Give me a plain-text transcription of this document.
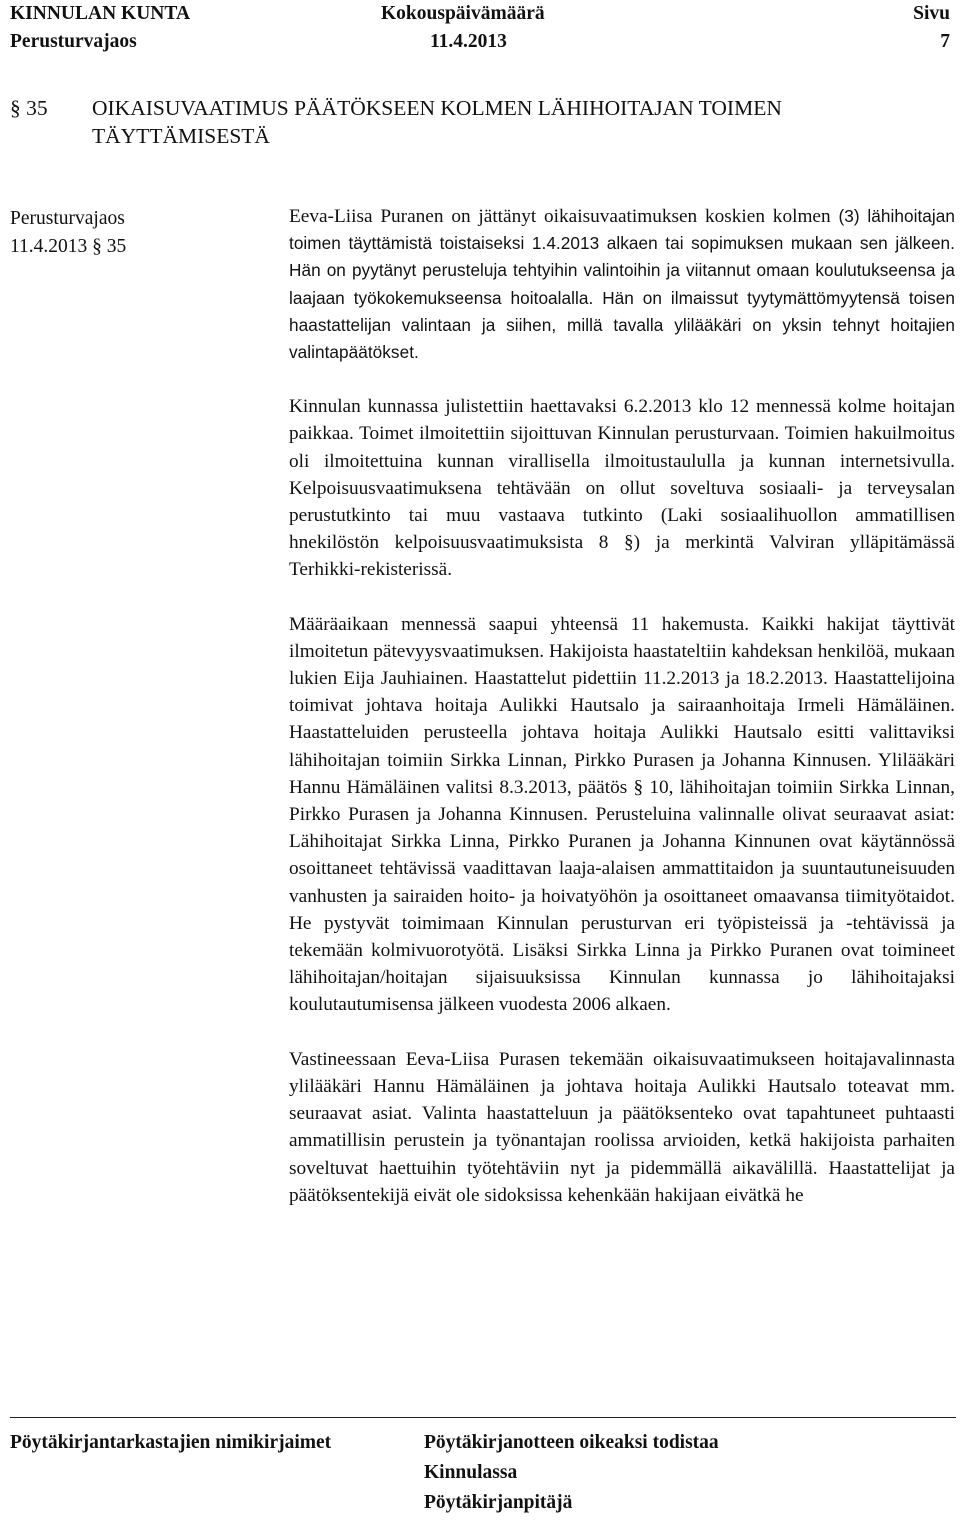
KINNULAN KUNTA
Perusturvajaos
Kokouspäivämäärä
11.4.2013
Sivu
7
§ 35 OIKAISUVAATIMUS PÄÄTÖKSEEN KOLMEN LÄHIHOITAJAN TOIMEN TÄYTTÄMISESTÄ
Perusturvajaos
11.4.2013 § 35

Eeva-Liisa Puranen on jättänyt oikaisuvaatimuksen koskien kolmen (3) lähihoitajan toimen täyttämistä toistaiseksi 1.4.2013 alkaen tai sopimuksen mukaan sen jälkeen. Hän on pyytänyt perusteluja tehtyihin valintoihin ja viitannut omaan koulutukseensa ja laajaan työkokemukseensa hoitoalalla. Hän on ilmaissut tyytymättömyytensä toisen haastattelijan valintaan ja siihen, millä tavalla ylilääkäri on yksin tehnyt hoitajien valintapäätökset.

Kinnulan kunnassa julistettiin haettavaksi 6.2.2013 klo 12 mennessä kolme hoitajan paikkaa. Toimet ilmoitettiin sijoittuvan Kinnulan perusturvaan. Toimien hakuilmoitus oli ilmoitettuina kunnan virallisella ilmoitustaululla ja kunnan internetsivulla. Kelpoisuusvaatimuksena tehtävään on ollut soveltuva sosiaali- ja terveysalan perustutkinto tai muu vastaava tutkinto (Laki sosiaalihuollon ammatillisen hnekilöstön kelpoisuusvaatimuksista 8 §) ja merkintä Valviran ylläpitämässä Terhikki-rekisterissä.

Määräaikaan mennessä saapui yhteensä 11 hakemusta. Kaikki hakijat täyttivät ilmoitetun pätevyysvaatimuksen. Hakijoista haastateltiin kahdeksan henkilöä, mukaan lukien Eija Jauhiainen. Haastattelut pidettiin 11.2.2013 ja 18.2.2013. Haastattelijoina toimivat johtava hoitaja Aulikki Hautsalo ja sairaanhoitaja Irmeli Hämäläinen. Haastatteluiden perusteella johtava hoitaja Aulikki Hautsalo esitti valittaviksi lähihoitajan toimiin Sirkka Linnan, Pirkko Purasen ja Johanna Kinnusen. Ylilääkäri Hannu Hämäläinen valitsi 8.3.2013, päätös § 10, lähihoitajan toimiin Sirkka Linnan, Pirkko Purasen ja Johanna Kinnusen. Perusteluina valinnalle olivat seuraavat asiat: Lähihoitajat Sirkka Linna, Pirkko Puranen ja Johanna Kinnunen ovat käytännössä osoittaneet tehtävissä vaadittavan laaja-alaisen ammattitaidon ja suuntautuneisuuden vanhusten ja sairaiden hoito- ja hoivatyöhön ja osoittaneet omaavansa tiimityötaidot. He pystyvät toimimaan Kinnulan perusturvan eri työpisteissä ja -tehtävissä ja tekemään kolmivuorotyötä. Lisäksi Sirkka Linna ja Pirkko Puranen ovat toimineet lähihoitajan/hoitajan sijaisuuksissa Kinnulan kunnassa jo lähihoitajaksi koulutautumisensa jälkeen vuodesta 2006 alkaen.

Vastineessaan Eeva-Liisa Purasen tekemään oikaisuvaatimukseen hoitajavalinnasta ylilääkäri Hannu Hämäläinen ja johtava hoitaja Aulikki Hautsalo toteavat mm. seuraavat asiat. Valinta haastatteluun ja päätöksenteko ovat tapahtuneet puhtaasti ammatillisin perustein ja työnantajan roolissa arvioiden, ketkä hakijoista parhaiten soveltuvat haettuihin työtehtäviin nyt ja pidemmällä aikavälillä. Haastattelijat ja päätöksentekijä eivät ole sidoksissa kehenkään hakijaan eivätkä he

Pöytäkirjantarkastajien nimikirjaimet	Pöytäkirjanotteen oikeaksi todistaa
Kinnulassa
Pöytäkirjanpitäjä
